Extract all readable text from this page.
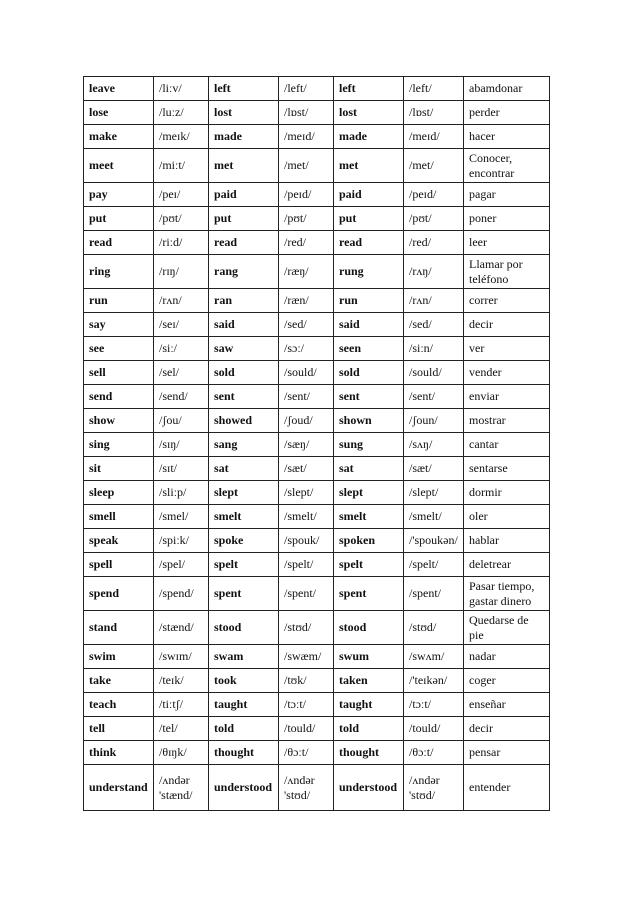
leave	/liːv/	left	/left/	left	/left/	abamdonar
lose	/luːz/	lost	/lɒst/	lost	/lɒst/	perder
make	/meɪk/	made	/meɪd/	made	/meɪd/	hacer
meet	/miːt/	met	/met/	met	/met/	Conocer, encontrar
pay	/peɪ/	paid	/peɪd/	paid	/peɪd/	pagar
put	/pʊt/	put	/pʊt/	put	/pʊt/	poner
read	/riːd/	read	/red/	read	/red/	leer
ring	/rɪŋ/	rang	/ræŋ/	rung	/rʌŋ/	Llamar por teléfono
run	/rʌn/	ran	/ræn/	run	/rʌn/	correr
say	/seɪ/	said	/sed/	said	/sed/	decir
see	/siː/	saw	/sɔː/	seen	/siːn/	ver
sell	/sel/	sold	/sould/	sold	/sould/	vender
send	/send/	sent	/sent/	sent	/sent/	enviar
show	/ʃou/	showed	/ʃoud/	shown	/ʃoun/	mostrar
sing	/sɪŋ/	sang	/sæŋ/	sung	/sʌŋ/	cantar
sit	/sɪt/	sat	/sæt/	sat	/sæt/	sentarse
sleep	/sliːp/	slept	/slept/	slept	/slept/	dormir
smell	/smel/	smelt	/smelt/	smelt	/smelt/	oler
speak	/spiːk/	spoke	/spouk/	spoken	/'spoukən/	hablar
spell	/spel/	spelt	/spelt/	spelt	/spelt/	deletrear
spend	/spend/	spent	/spent/	spent	/spent/	Pasar tiempo, gastar dinero
stand	/stænd/	stood	/stʊd/	stood	/stʊd/	Quedarse de pie
swim	/swɪm/	swam	/swæm/	swum	/swʌm/	nadar
take	/teɪk/	took	/tʊk/	taken	/'teɪkən/	coger
teach	/tiːtʃ/	taught	/tɔːt/	taught	/tɔːt/	enseñar
tell	/tel/	told	/tould/	told	/tould/	decir
think	/θɪŋk/	thought	/θɔːt/	thought	/θɔːt/	pensar
understand	/ʌndər 'stænd/	understood	/ʌndər 'stʊd/	understood	/ʌndər 'stʊd/	entender
